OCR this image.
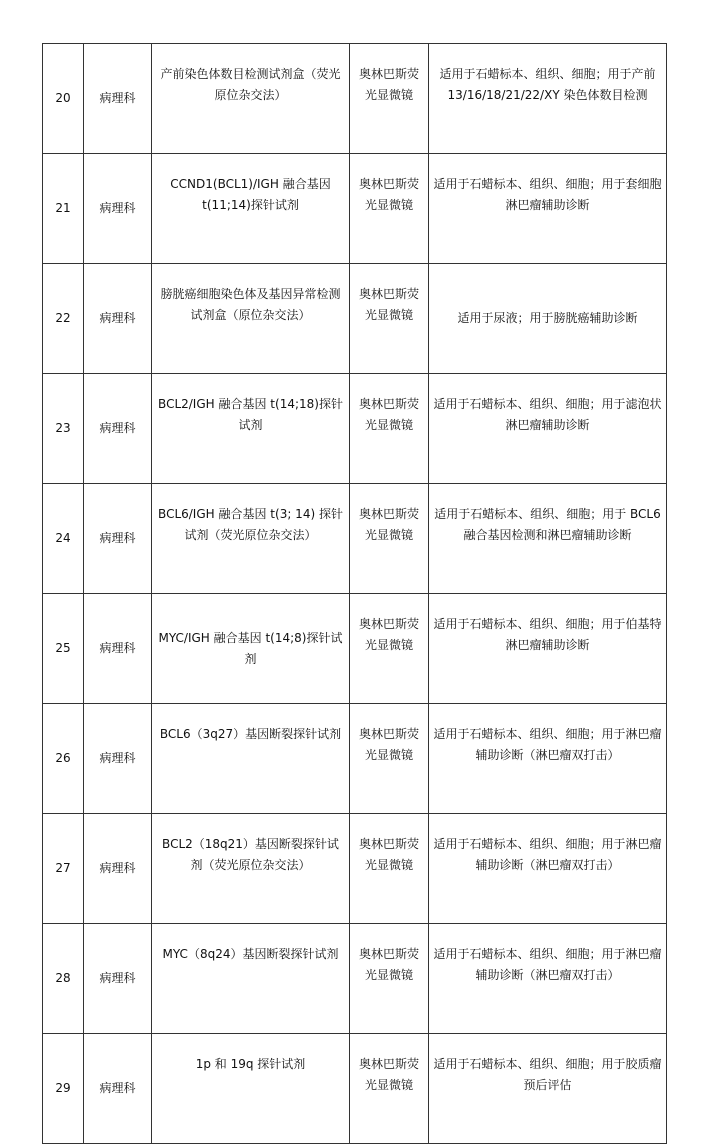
20	病理科	产前染色体数目检测试剂盒（荧光原位杂交法）	奥林巴斯荧光显微镜	适用于石蜡标本、组织、细胞；用于产前13/16/18/21/22/XY 染色体数目检测
21	病理科	CCND1(BCL1)/IGH 融合基因 t(11;14)探针试剂	奥林巴斯荧光显微镜	适用于石蜡标本、组织、细胞；用于套细胞淋巴瘤辅助诊断
22	病理科	膀胱癌细胞染色体及基因异常检测试剂盒（原位杂交法）	奥林巴斯荧光显微镜	适用于尿液；用于膀胱癌辅助诊断
23	病理科	BCL2/IGH 融合基因 t(14;18)探针试剂	奥林巴斯荧光显微镜	适用于石蜡标本、组织、细胞；用于滤泡状淋巴瘤辅助诊断
24	病理科	BCL6/IGH 融合基因 t(3; 14) 探针试剂（荧光原位杂交法）	奥林巴斯荧光显微镜	适用于石蜡标本、组织、细胞；用于 BCL6 融合基因检测和淋巴瘤辅助诊断
25	病理科	MYC/IGH 融合基因 t(14;8)探针试剂	奥林巴斯荧光显微镜	适用于石蜡标本、组织、细胞；用于伯基特淋巴瘤辅助诊断
26	病理科	BCL6（3q27）基因断裂探针试剂	奥林巴斯荧光显微镜	适用于石蜡标本、组织、细胞；用于淋巴瘤辅助诊断（淋巴瘤双打击）
27	病理科	BCL2（18q21）基因断裂探针试剂（荧光原位杂交法）	奥林巴斯荧光显微镜	适用于石蜡标本、组织、细胞；用于淋巴瘤辅助诊断（淋巴瘤双打击）
28	病理科	MYC（8q24）基因断裂探针试剂	奥林巴斯荧光显微镜	适用于石蜡标本、组织、细胞；用于淋巴瘤辅助诊断（淋巴瘤双打击）
29	病理科	1p 和 19q 探针试剂	奥林巴斯荧光显微镜	适用于石蜡标本、组织、细胞；用于胶质瘤预后评估
